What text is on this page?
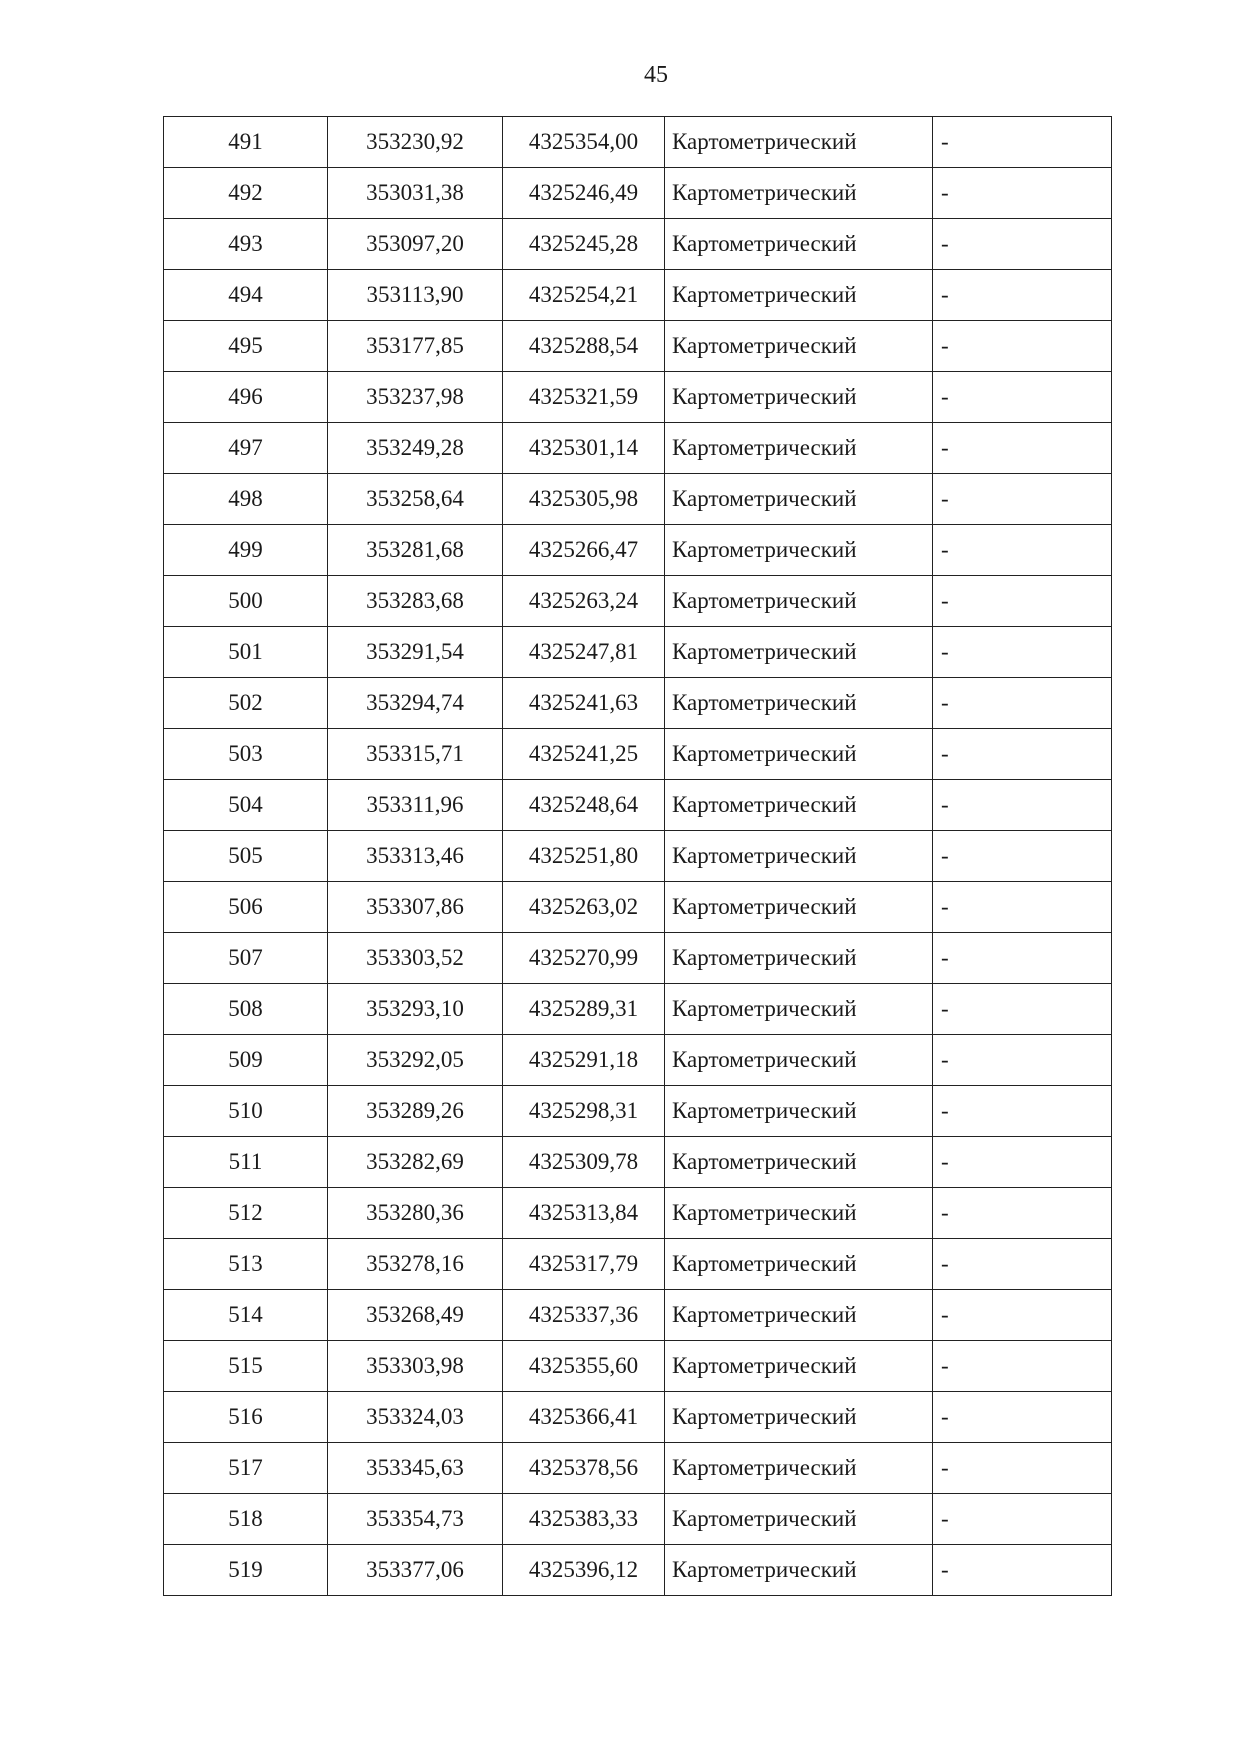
45
491	353230,92	4325354,00	Картометрический	-
492	353031,38	4325246,49	Картометрический	-
493	353097,20	4325245,28	Картометрический	-
494	353113,90	4325254,21	Картометрический	-
495	353177,85	4325288,54	Картометрический	-
496	353237,98	4325321,59	Картометрический	-
497	353249,28	4325301,14	Картометрический	-
498	353258,64	4325305,98	Картометрический	-
499	353281,68	4325266,47	Картометрический	-
500	353283,68	4325263,24	Картометрический	-
501	353291,54	4325247,81	Картометрический	-
502	353294,74	4325241,63	Картометрический	-
503	353315,71	4325241,25	Картометрический	-
504	353311,96	4325248,64	Картометрический	-
505	353313,46	4325251,80	Картометрический	-
506	353307,86	4325263,02	Картометрический	-
507	353303,52	4325270,99	Картометрический	-
508	353293,10	4325289,31	Картометрический	-
509	353292,05	4325291,18	Картометрический	-
510	353289,26	4325298,31	Картометрический	-
511	353282,69	4325309,78	Картометрический	-
512	353280,36	4325313,84	Картометрический	-
513	353278,16	4325317,79	Картометрический	-
514	353268,49	4325337,36	Картометрический	-
515	353303,98	4325355,60	Картометрический	-
516	353324,03	4325366,41	Картометрический	-
517	353345,63	4325378,56	Картометрический	-
518	353354,73	4325383,33	Картометрический	-
519	353377,06	4325396,12	Картометрический	-
